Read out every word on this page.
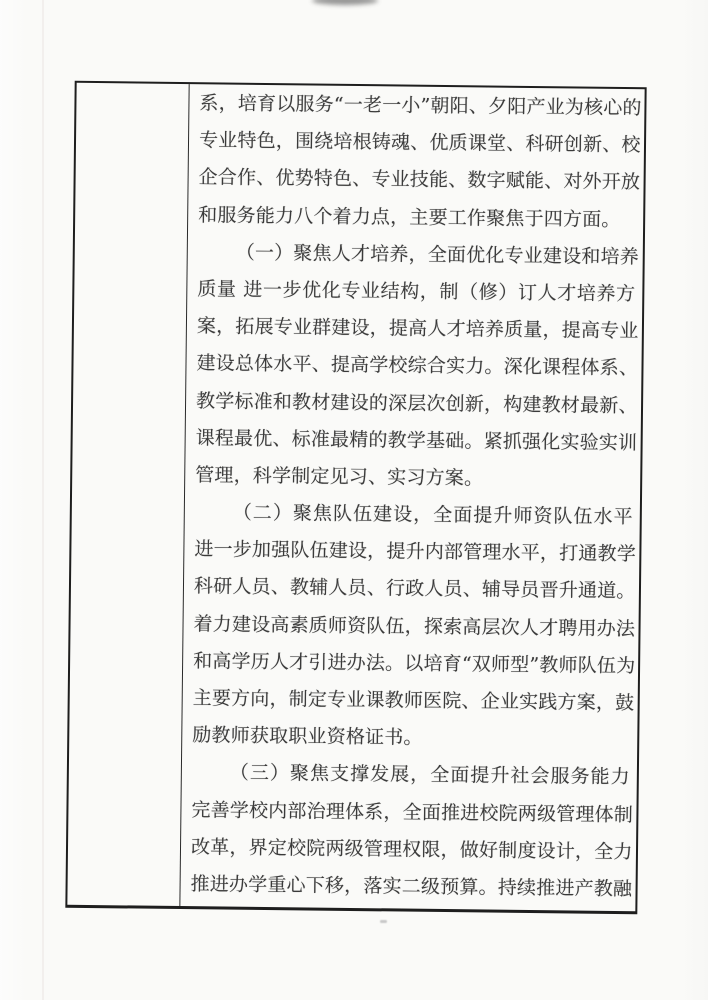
系，培育以服务“一老一小”朝阳、夕阳产业为核心的
专业特色，围绕培根铸魂、优质课堂、科研创新、校
企合作、优势特色、专业技能、数字赋能、对外开放
和服务能力八个着力点，主要工作聚焦于四方面。
（一）聚焦人才培养，全面优化专业建设和培养
质量 进一步优化专业结构，制（修）订人才培养方
案，拓展专业群建设，提高人才培养质量，提高专业
建设总体水平、提高学校综合实力。深化课程体系、
教学标准和教材建设的深层次创新，构建教材最新、
课程最优、标准最精的教学基础。紧抓强化实验实训
管理，科学制定见习、实习方案。
（二）聚焦队伍建设，全面提升师资队伍水平
进一步加强队伍建设，提升内部管理水平，打通教学
科研人员、教辅人员、行政人员、辅导员晋升通道。
着力建设高素质师资队伍，探索高层次人才聘用办法
和高学历人才引进办法。以培育“双师型”教师队伍为
主要方向，制定专业课教师医院、企业实践方案，鼓
励教师获取职业资格证书。
（三）聚焦支撑发展，全面提升社会服务能力
完善学校内部治理体系，全面推进校院两级管理体制
改革，界定校院两级管理权限，做好制度设计，全力
推进办学重心下移，落实二级预算。持续推进产教融
